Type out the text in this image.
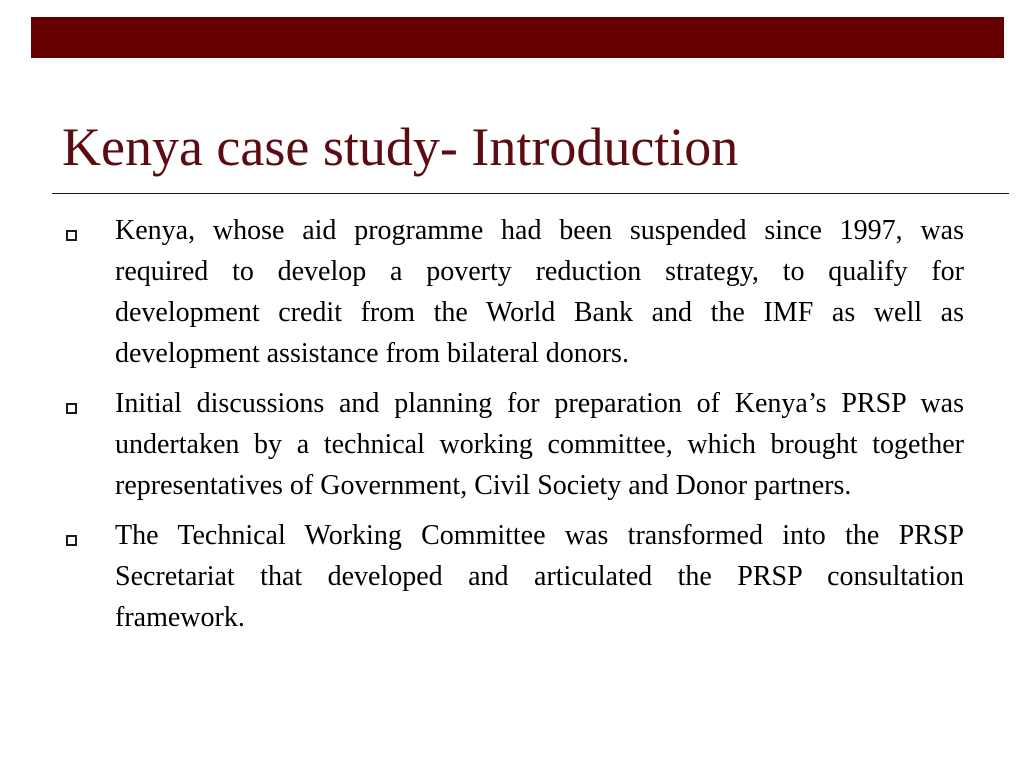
Kenya case study- Introduction
Kenya, whose aid programme had been suspended since 1997, was required to develop a poverty reduction strategy, to qualify for development credit from the World Bank and the IMF as well as development assistance from bilateral donors.
Initial discussions and planning for preparation of Kenya’s PRSP was undertaken by a technical working committee, which brought together representatives of Government, Civil Society and Donor partners.
The Technical Working Committee was transformed into the PRSP Secretariat that developed and articulated the PRSP consultation framework.
